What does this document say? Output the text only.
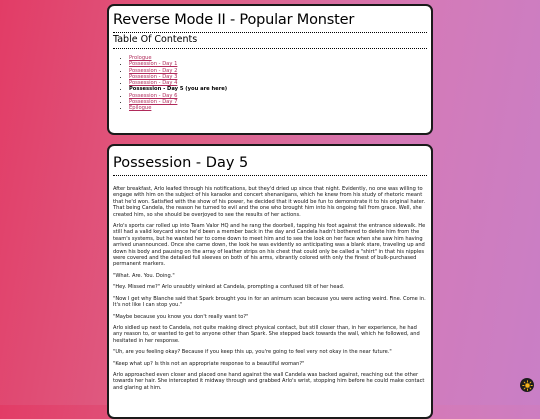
Reverse Mode II - Popular Monster
Table Of Contents
• Prologue
• Possession - Day 1
• Possession - Day 2
• Possession - Day 3
• Possession - Day 4
• Possession - Day 5 (you are here)
• Possession - Day 6
• Possession - Day 7
• Epilogue
Possession - Day 5

After breakfast, Arlo leafed through his notifications, but they'd dried up since that night. Evidently, no one was willing to engage with him on the subject of his karaoke and concert shenanigans, which he knew from his study of rhetoric meant that he'd won. Satisfied with the show of his power, he decided that it would be fun to demonstrate it to his original hater. That being Candela, the reason he turned to evil and the one who brought him into his ongoing fall from grace. Well, she created him, so she should be overjoyed to see the results of her actions.

Arlo's sports car rolled up into Team Valor HQ and he rang the doorbell, tapping his foot against the entrance sidewalk. He still had a valid keycard since he'd been a member back in the day and Candela hadn't bothered to delete him from the team's systems, but he wanted her to come down to meet him and to see the look on her face when she saw him having arrived unannounced. Once she came down, the look he was evidently so anticipating was a blank stare, traveling up and down his body and pausing on the array of leather strips on his chest that could only be called a "shirt" in that his nipples were covered and the detailed full sleeves on both of his arms, vibrantly colored with only the finest of bulk-purchased permanent markers.

"What. Are. You. Doing."

"Hey. Missed me?" Arlo unsubtly winked at Candela, prompting a confused tilt of her head.

"Now I get why Blanche said that Spark brought you in for an animum scan because you were acting weird. Fine. Come in. It's not like I can stop you."

"Maybe because you know you don't really want to?"

Arlo sidled up next to Candela, not quite making direct physical contact, but still closer than, in her experience, he had any reason to, or wanted to get to anyone other than Spark. She stepped back towards the wall, which he followed, and hesitated in her response.

"Uh, are you feeling okay? Because if you keep this up, you're going to feel very not okay in the near future."

"Keep what up? Is this not an appropriate response to a beautiful woman?"

Arlo approached even closer and placed one hand against the wall Candela was backed against, reaching out the other towards her hair. She intercepted it midway through and grabbed Arlo's wrist, stopping him before he could make contact and glaring at him.
